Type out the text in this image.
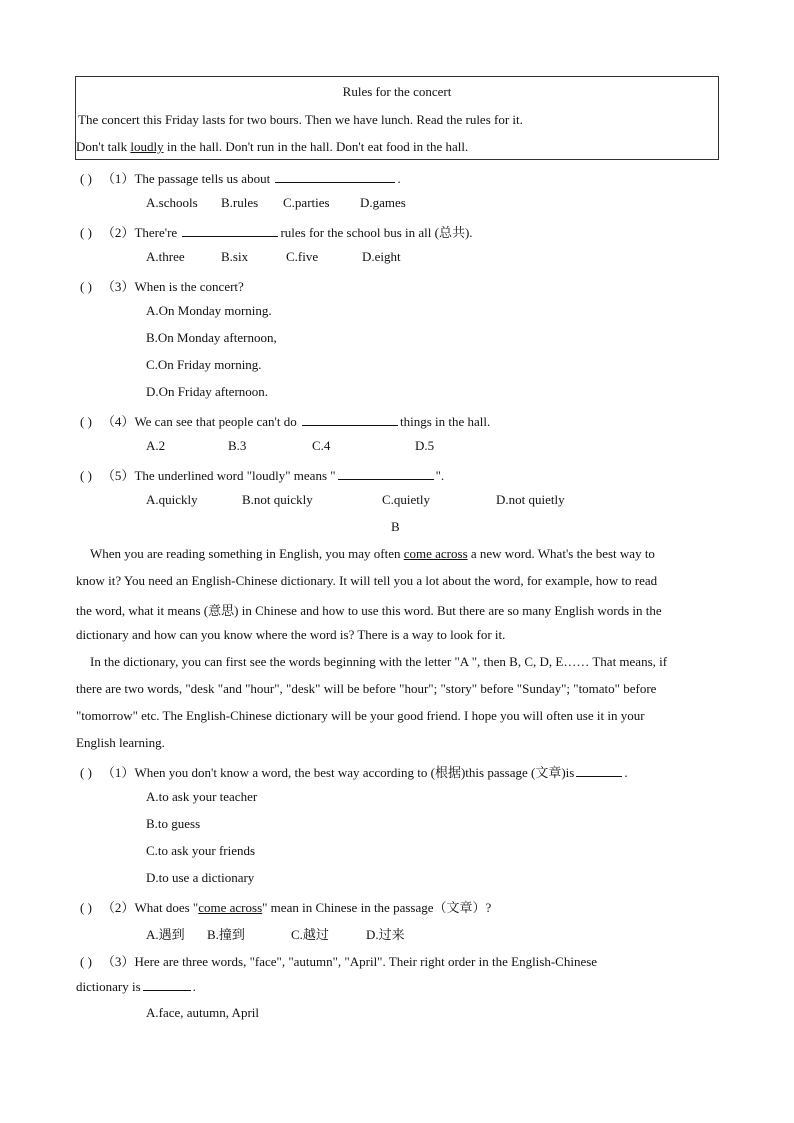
Rules for the concert
The concert this Friday lasts for two bours. Then we have lunch. Read the rules for it.
Don't talk loudly in the hall. Don't run in the hall. Don't eat food in the hall.
( ) （1）The passage tells us about	.
A.schools B.rules C.parties D.games
( ) （2）There're	rules for the school bus in all (总共).
A.three	B.six	C.five	D.eight
( ) （3）When is the concert?
A.On Monday morning.
B.On Monday afternoon,
C.On Friday morning.
D.On Friday afternoon.
( ) （4）We can see that people can't do	things in the hall.
A.2	B.3	C.4	D.5
( ) （5）The underlined word "loudly" means "	".
A.quickly	B.not quickly	C.quietly	D.not quietly
B
When you are reading something in English, you may often come across a new word. What's the best way to
know it? You need an English-Chinese dictionary. It will tell you a lot about the word, for example, how to read
the word, what it means (意思) in Chinese and how to use this word. But there are so many English words in the
dictionary and how can you know where the word is? There is a way to look for it.
In the dictionary, you can first see the words beginning with the letter "A ", then B, C, D, E…… That means, if
there are two words, "desk "and "hour", "desk" will be before "hour"; "story" before "Sunday"; "tomato" before
"tomorrow" etc. The English-Chinese dictionary will be your good friend. I hope you will often use it in your
English learning.
( ) （1）When you don't know a word, the best way according to (根据)this passage (文章)is	.
A.to ask your teacher
B.to guess
C.to ask your friends
D.to use a dictionary
( ) （2）What does "come across" mean in Chinese in the passage（文章）?
A.遇到 B.撞到	C.越过	D.过来
( ) （3）Here are three words, "face", "autumn", "April". Their right order in the English-Chinese
dictionary is	.
A.face, autumn, April
